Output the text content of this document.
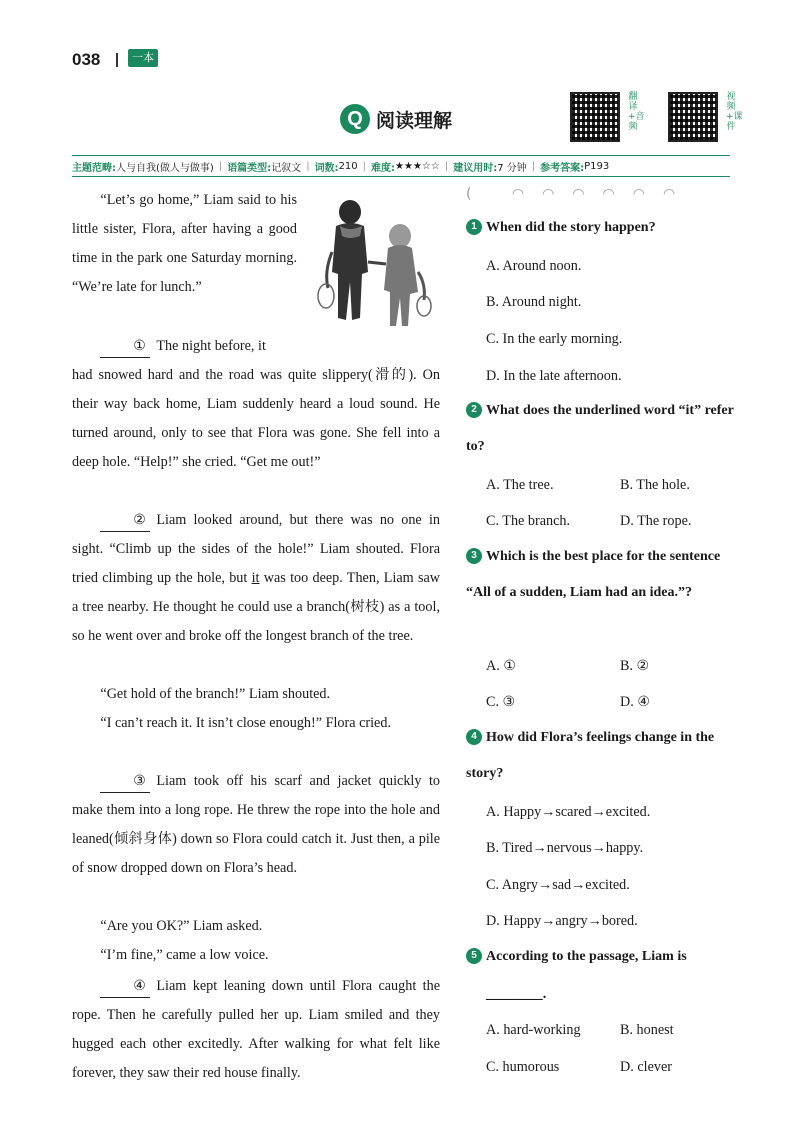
038	一本
Q 阅读理解
翻译+音频
视频+课件
主题范畴: 人与自我(做人与做事) | 语篇类型: 记叙文 | 词数: 210 | 难度: ★★★☆☆ | 建议用时: 7 分钟 | 参考答案: P193
“Let’s go home,” Liam said to his little sister, Flora, after having a good time in the park one Saturday morning. “We’re late for lunch.”
① The night before, it
had snowed hard and the road was quite slippery(滑的). On their way back home, Liam suddenly heard a loud sound. He turned around, only to see that Flora was gone. She fell into a deep hole. “Help!” she cried. “Get me out!”
② Liam looked around, but there was no one in sight. “Climb up the sides of the hole!” Liam shouted. Flora tried climbing up the hole, but it was too deep. Then, Liam saw a tree nearby. He thought he could use a branch(树枝) as a tool, so he went over and broke off the longest branch of the tree.
“Get hold of the branch!” Liam shouted.
“I can’t reach it. It isn’t close enough!” Flora cried.
③ Liam took off his scarf and jacket quickly to make them into a long rope. He threw the rope into the hole and leaned(倾斜身体) down so Flora could catch it. Just then, a pile of snow dropped down on Flora’s head.
“Are you OK?” Liam asked.
“I’m fine,” came a low voice.
④ Liam kept leaning down until Flora caught the rope. Then he carefully pulled her up. Liam smiled and they hugged each other excitedly. After walking for what felt like forever, they saw their red house finally.
( ◠◠◠◠◠◠
1 When did the story happen?
A. Around noon.
B. Around night.
C. In the early morning.
D. In the late afternoon.
2 What does the underlined word “it” refer to?
A. The tree.	B. The hole.
C. The branch.	D. The rope.
3 Which is the best place for the sentence “All of a sudden, Liam had an idea.”?
A. ①	B. ②
C. ③	D. ④
4 How did Flora’s feelings change in the story?
A. Happy→scared→excited.
B. Tired→nervous→happy.
C. Angry→sad→excited.
D. Happy→angry→bored.
5 According to the passage, Liam is
________.
A. hard-working	B. honest
C. humorous	D. clever
